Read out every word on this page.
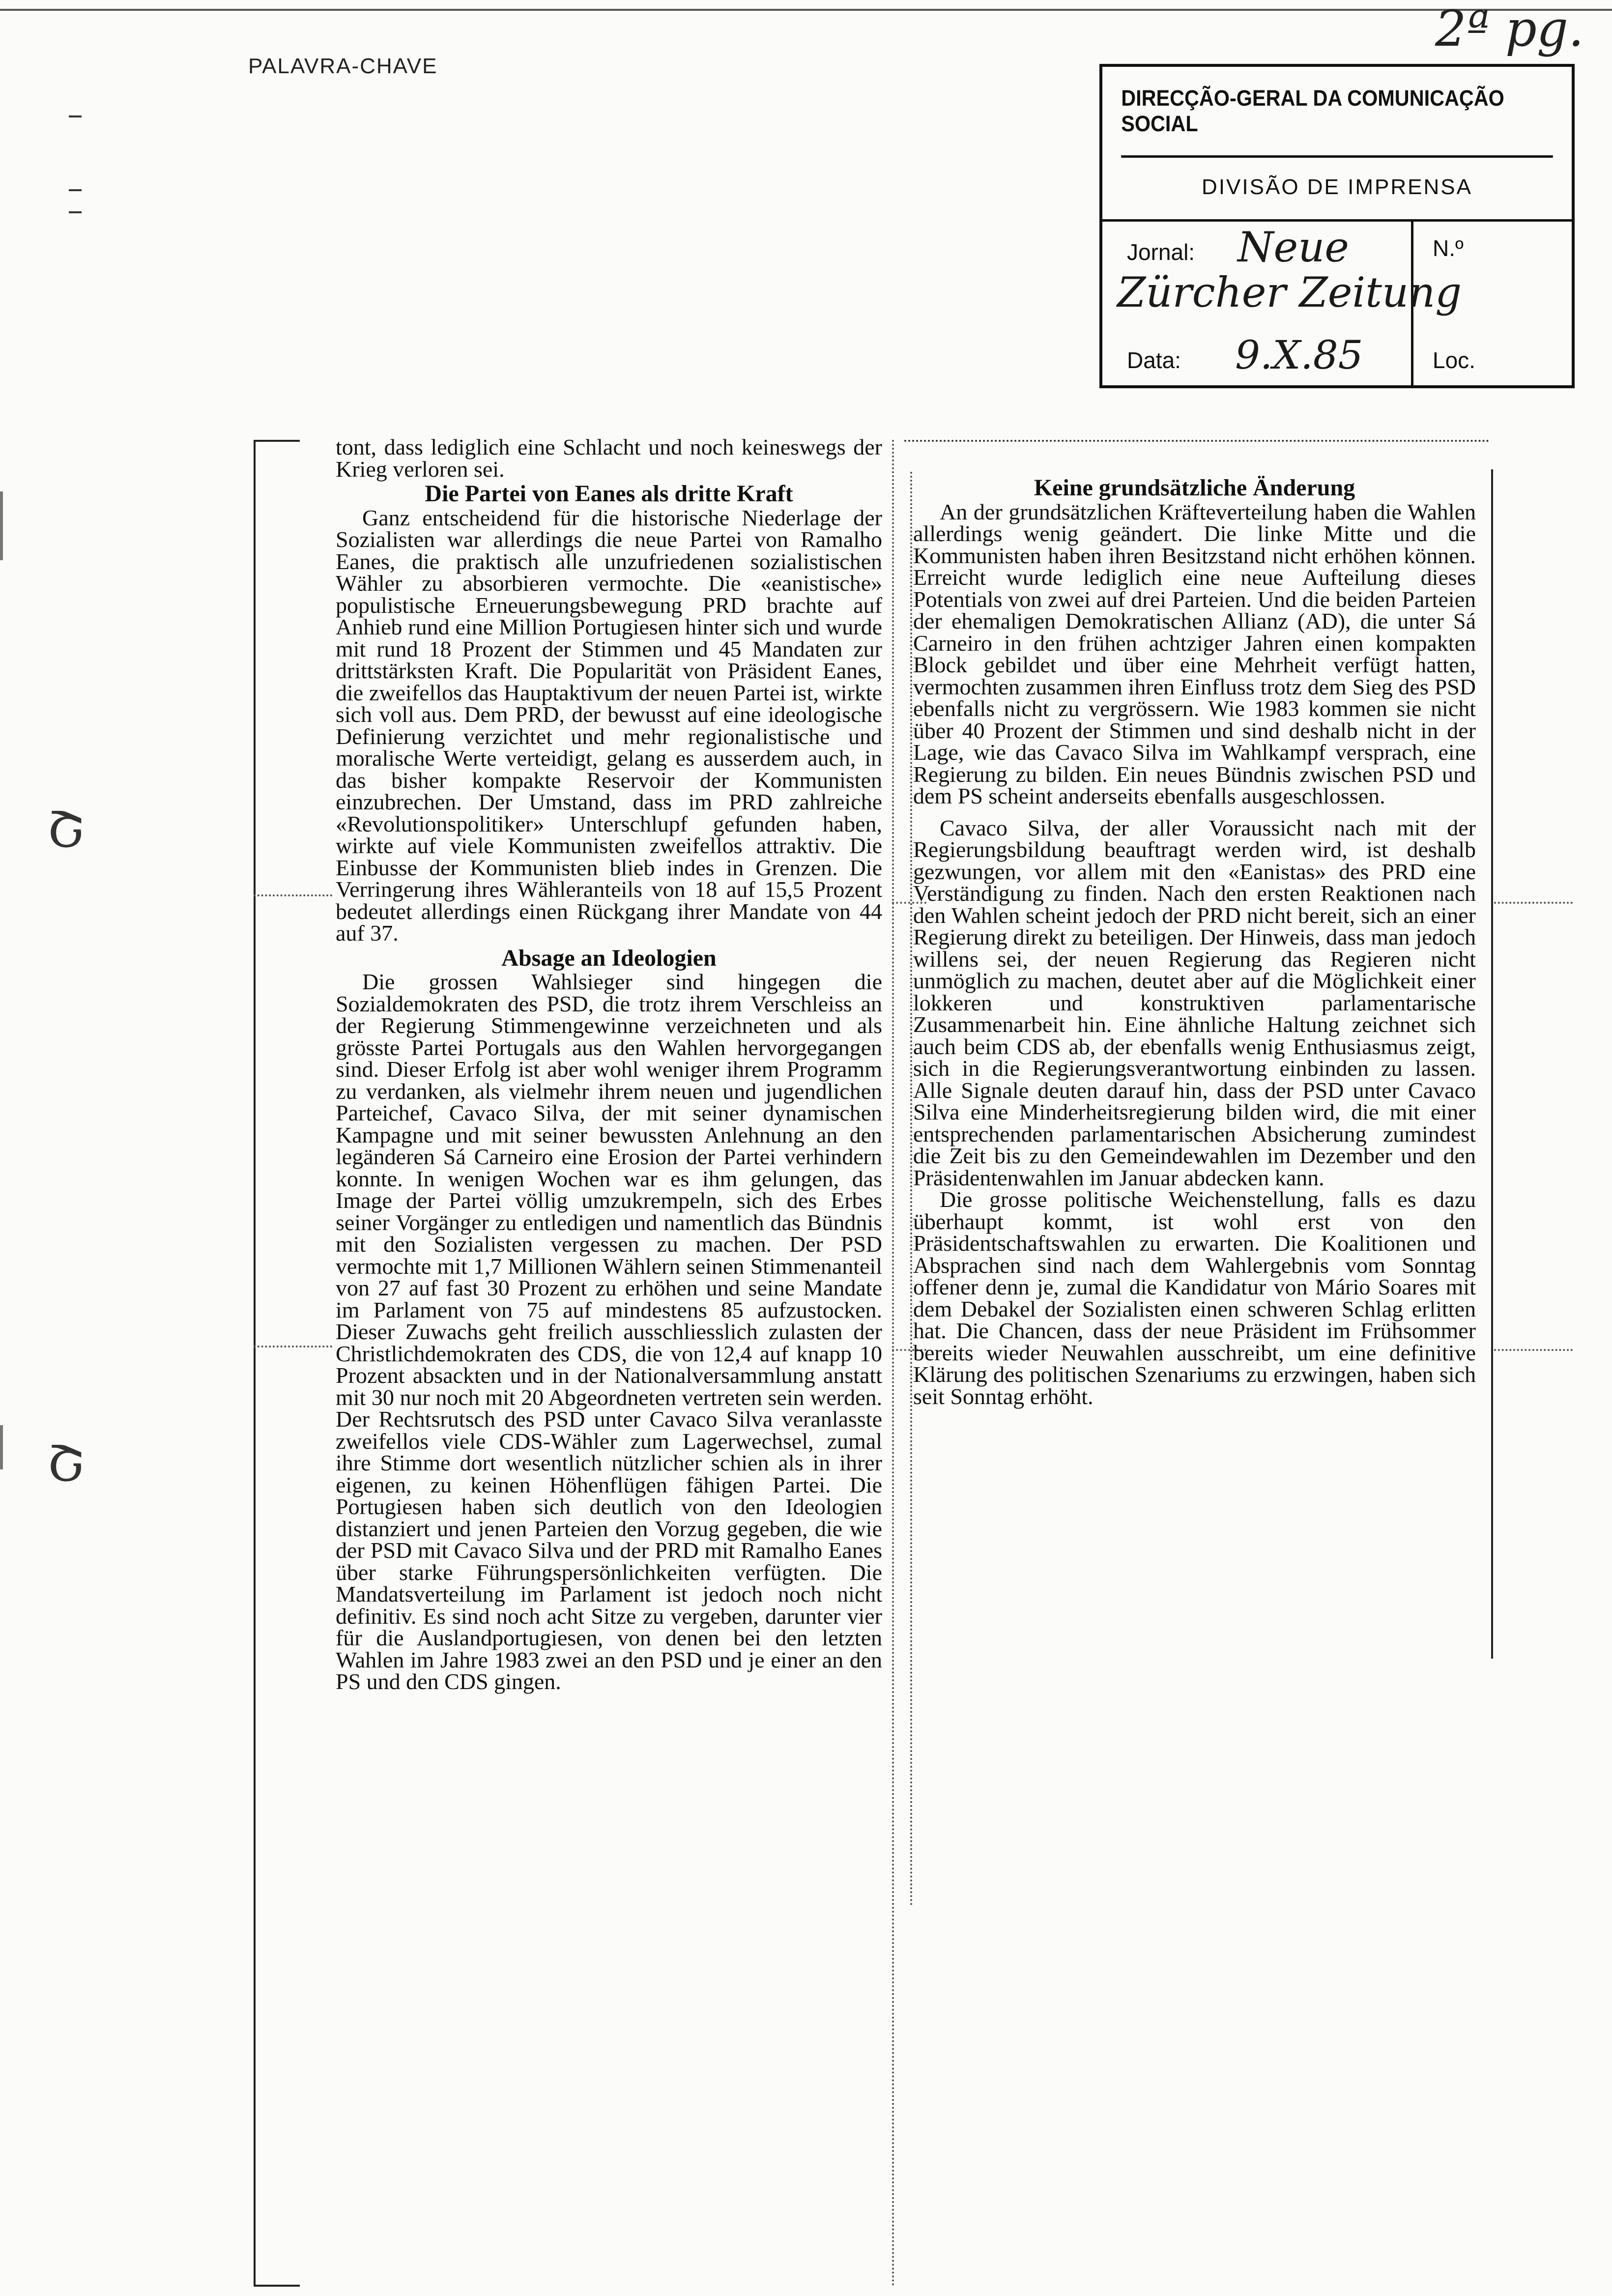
PALAVRA-CHAVE
2ª pg.
DIRECÇÃO-GERAL DA COMUNICAÇÃO SOCIAL
DIVISÃO DE IMPRENSA
Jornal: Neue
Zürcher Zeitung
N.º
Data: 9.X.85	Loc.
Շ
Շ

tont, dass lediglich eine Schlacht und noch keineswegs der Krieg verloren sei.

Die Partei von Eanes als dritte Kraft

Ganz entscheidend für die historische Niederlage der Sozialisten war allerdings die neue Partei von Ramalho Eanes, die praktisch alle unzufriedenen sozialistischen Wähler zu absorbieren vermochte. Die «eanistische» populistische Erneuerungsbewegung PRD brachte auf Anhieb rund eine Million Portugiesen hinter sich und wurde mit rund 18 Prozent der Stimmen und 45 Mandaten zur drittstärksten Kraft. Die Popularität von Präsident Eanes, die zweifellos das Hauptaktivum der neuen Partei ist, wirkte sich voll aus. Dem PRD, der bewusst auf eine ideologische Definierung verzichtet und mehr regionalistische und moralische Werte verteidigt, gelang es ausserdem auch, in das bisher kompakte Reservoir der Kommunisten einzubrechen. Der Umstand, dass im PRD zahlreiche «Revolutionspolitiker» Unterschlupf gefunden haben, wirkte auf viele Kommunisten zweifellos attraktiv. Die Einbusse der Kommunisten blieb indes in Grenzen. Die Verringerung ihres Wähleranteils von 18 auf 15,5 Prozent bedeutet allerdings einen Rückgang ihrer Mandate von 44 auf 37.

Absage an Ideologien

Die grossen Wahlsieger sind hingegen die Sozialdemokraten des PSD, die trotz ihrem Verschleiss an der Regierung Stimmengewinne verzeichneten und als grösste Partei Portugals aus den Wahlen hervorgegangen sind. Dieser Erfolg ist aber wohl weniger ihrem Programm zu verdanken, als vielmehr ihrem neuen und jugendlichen Parteichef, Cavaco Silva, der mit seiner dynamischen Kampagne und mit seiner bewussten Anlehnung an den legänderen Sá Carneiro eine Erosion der Partei verhindern konnte. In wenigen Wochen war es ihm gelungen, das Image der Partei völlig umzukrempeln, sich des Erbes seiner Vorgänger zu entledigen und namentlich das Bündnis mit den Sozialisten vergessen zu machen. Der PSD vermochte mit 1,7 Millionen Wählern seinen Stimmenanteil von 27 auf fast 30 Prozent zu erhöhen und seine Mandate im Parlament von 75 auf mindestens 85 aufzustocken. Dieser Zuwachs geht freilich ausschliesslich zulasten der Christlichdemokraten des CDS, die von 12,4 auf knapp 10 Prozent absackten und in der Nationalversammlung anstatt mit 30 nur noch mit 20 Abgeordneten vertreten sein werden. Der Rechtsrutsch des PSD unter Cavaco Silva veranlasste zweifellos viele CDS-Wähler zum Lagerwechsel, zumal ihre Stimme dort wesentlich nützlicher schien als in ihrer eigenen, zu keinen Höhenflügen fähigen Partei. Die Portugiesen haben sich deutlich von den Ideologien distanziert und jenen Parteien den Vorzug gegeben, die wie der PSD mit Cavaco Silva und der PRD mit Ramalho Eanes über starke Führungspersönlichkeiten verfügten. Die Mandatsverteilung im Parlament ist jedoch noch nicht definitiv. Es sind noch acht Sitze zu vergeben, darunter vier für die Auslandportugiesen, von denen bei den letzten Wahlen im Jahre 1983 zwei an den PSD und je einer an den PS und den CDS gingen.

Keine grundsätzliche Änderung

An der grundsätzlichen Kräfteverteilung haben die Wahlen allerdings wenig geändert. Die linke Mitte und die Kommunisten haben ihren Besitzstand nicht erhöhen können. Erreicht wurde lediglich eine neue Aufteilung dieses Potentials von zwei auf drei Parteien. Und die beiden Parteien der ehemaligen Demokratischen Allianz (AD), die unter Sá Carneiro in den frühen achtziger Jahren einen kompakten Block gebildet und über eine Mehrheit verfügt hatten, vermochten zusammen ihren Einfluss trotz dem Sieg des PSD ebenfalls nicht zu vergrössern. Wie 1983 kommen sie nicht über 40 Prozent der Stimmen und sind deshalb nicht in der Lage, wie das Cavaco Silva im Wahlkampf versprach, eine Regierung zu bilden. Ein neues Bündnis zwischen PSD und dem PS scheint anderseits ebenfalls ausgeschlossen.

Cavaco Silva, der aller Voraussicht nach mit der Regierungsbildung beauftragt werden wird, ist deshalb gezwungen, vor allem mit den «Eanistas» des PRD eine Verständigung zu finden. Nach den ersten Reaktionen nach den Wahlen scheint jedoch der PRD nicht bereit, sich an einer Regierung direkt zu beteiligen. Der Hinweis, dass man jedoch willens sei, der neuen Regierung das Regieren nicht unmöglich zu machen, deutet aber auf die Möglichkeit einer lokkeren und konstruktiven parlamentarische Zusammenarbeit hin. Eine ähnliche Haltung zeichnet sich auch beim CDS ab, der ebenfalls wenig Enthusiasmus zeigt, sich in die Regierungsverantwortung einbinden zu lassen. Alle Signale deuten darauf hin, dass der PSD unter Cavaco Silva eine Minderheitsregierung bilden wird, die mit einer entsprechenden parlamentarischen Absicherung zumindest die Zeit bis zu den Gemeindewahlen im Dezember und den Präsidentenwahlen im Januar abdecken kann.

Die grosse politische Weichenstellung, falls es dazu überhaupt kommt, ist wohl erst von den Präsidentschaftswahlen zu erwarten. Die Koalitionen und Absprachen sind nach dem Wahlergebnis vom Sonntag offener denn je, zumal die Kandidatur von Mário Soares mit dem Debakel der Sozialisten einen schweren Schlag erlitten hat. Die Chancen, dass der neue Präsident im Frühsommer bereits wieder Neuwahlen ausschreibt, um eine definitive Klärung des politischen Szenariums zu erzwingen, haben sich seit Sonntag erhöht.
